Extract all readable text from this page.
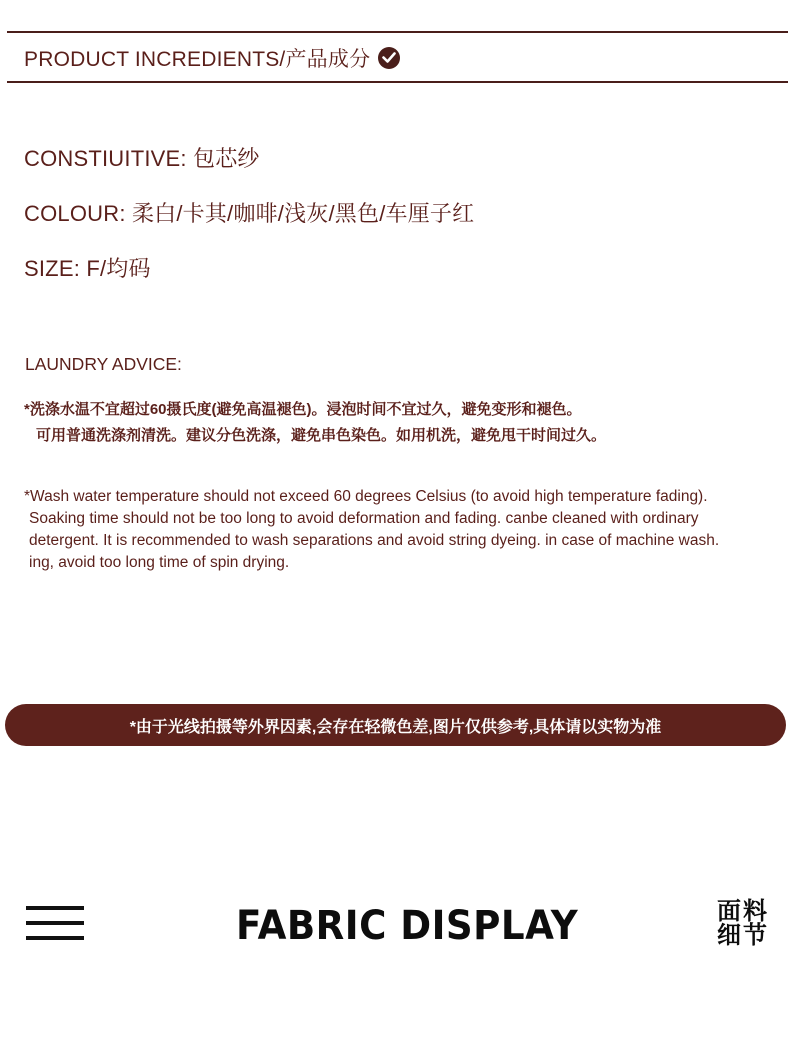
PRODUCT INCREDIENTS/产品成分
CONSTIUITIVE: 包芯纱
COLOUR: 柔白/卡其/咖啡/浅灰/黑色/车厘子红
SIZE: F/均码
LAUNDRY ADVICE:
*洗涤水温不宜超过60摄氏度(避免高温褪色)。浸泡时间不宜过久，避免变形和褪色。
可用普通洗涤剂清洗。建议分色洗涤，避免串色染色。如用机洗，避免甩干时间过久。
*Wash water temperature should not exceed 60 degrees Celsius (to avoid high temperature fading).
Soaking time should not be too long to avoid deformation and fading. canbe cleaned with ordinary
detergent. It is recommended to wash separations and avoid string dyeing. in case of machine wash.
ing, avoid too long time of spin drying.
*由于光线拍摄等外界因素,会存在轻微色差,图片仅供参考,具体请以实物为准
FABRIC DISPLAY	面料
细节
